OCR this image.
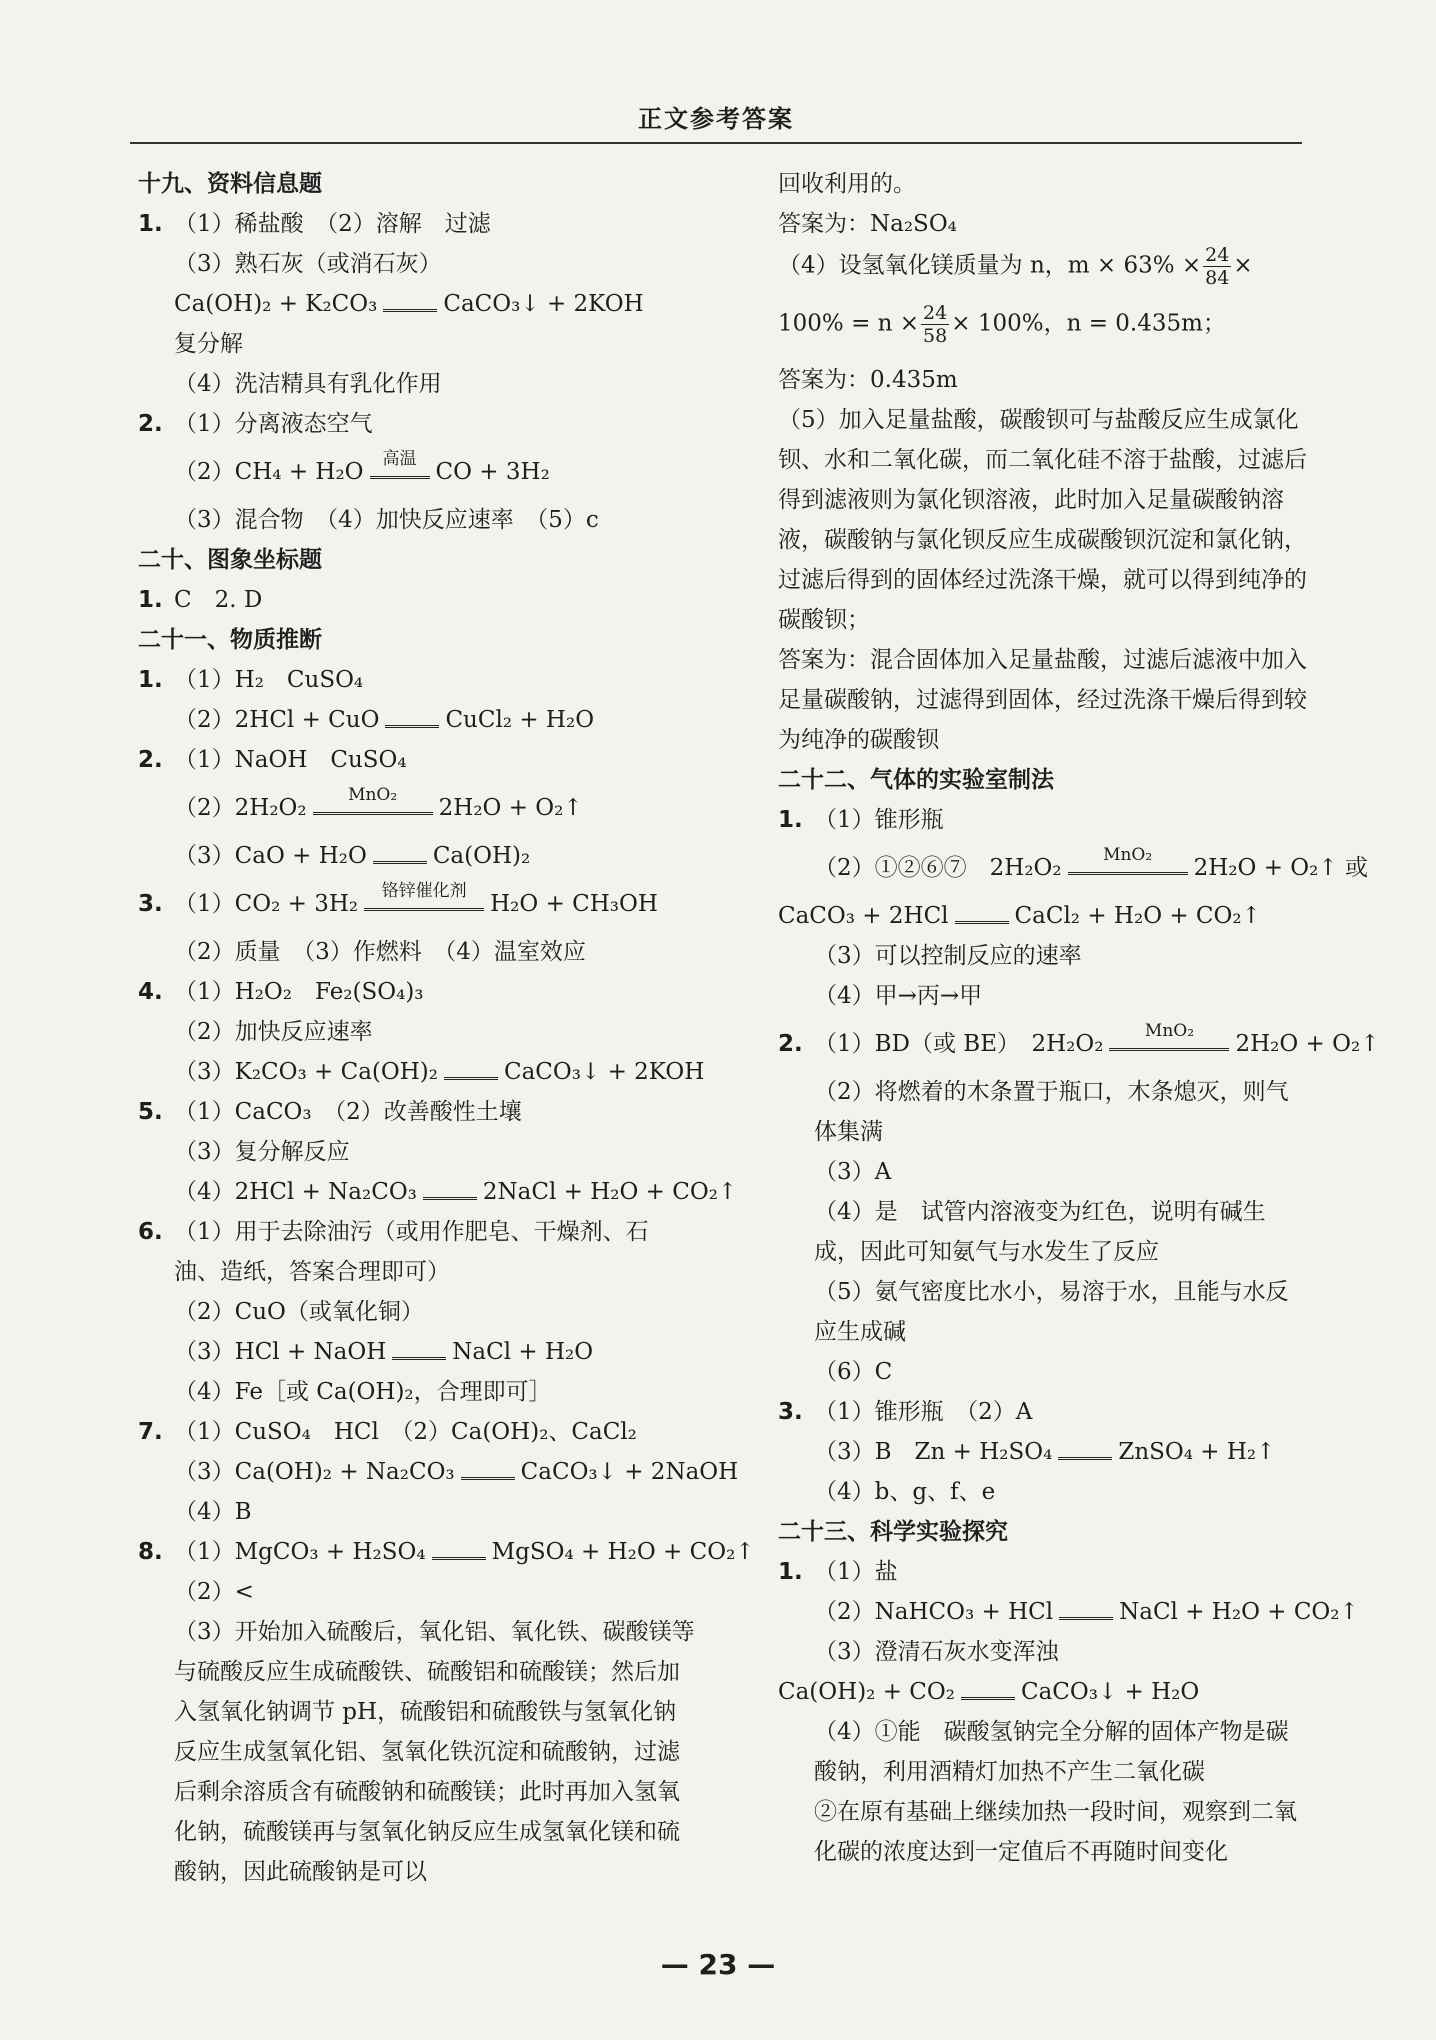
正文参考答案
十九、资料信息题
1. （1）稀盐酸　（2）溶解　过滤
（3）熟石灰（或消石灰）
Ca(OH)₂ + K₂CO₃	CaCO₃↓ + 2KOH
复分解
（4）洗洁精具有乳化作用
2. （1）分离液态空气
（2）CH₄ + H₂O	高温 CO + 3H₂
（3）混合物　（4）加快反应速率　（5）c
二十、图象坐标题
1. C　2. D
二十一、物质推断
1. （1）H₂　CuSO₄
（2）2HCl + CuO	CuCl₂ + H₂O
2. （1）NaOH　CuSO₄
（2）2H₂O₂	MnO₂	2H₂O + O₂↑
（3）CaO + H₂O	Ca(OH)₂
3. （1）CO₂ + 3H₂	铬锌催化剂	H₂O + CH₃OH
（2）质量　（3）作燃料　（4）温室效应
4. （1）H₂O₂　Fe₂(SO₄)₃
（2）加快反应速率
（3）K₂CO₃ + Ca(OH)₂	CaCO₃↓ + 2KOH
5. （1）CaCO₃　（2）改善酸性土壤
（3）复分解反应
（4）2HCl + Na₂CO₃	2NaCl + H₂O + CO₂↑
6. （1）用于去除油污（或用作肥皂、干燥剂、石
油、造纸，答案合理即可）
（2）CuO（或氧化铜）
（3）HCl + NaOH	NaCl + H₂O
（4）Fe［或 Ca(OH)₂，合理即可］
7. （1）CuSO₄　HCl　（2）Ca(OH)₂、CaCl₂
（3）Ca(OH)₂ + Na₂CO₃	CaCO₃↓ + 2NaOH
（4）B
8. （1）MgCO₃ + H₂SO₄	MgSO₄ + H₂O + CO₂↑
（2）<
（3）开始加入硫酸后，氧化铝、氧化铁、碳酸镁等与硫酸反应生成硫酸铁、硫酸铝和硫酸镁；然后加入氢氧化钠调节 pH，硫酸铝和硫酸铁与氢氧化钠反应生成氢氧化铝、氢氧化铁沉淀和硫酸钠，过滤后剩余溶质含有硫酸钠和硫酸镁；此时再加入氢氧化钠，硫酸镁再与氢氧化钠反应生成氢氧化镁和硫酸钠，因此硫酸钠是可以
回收利用的。
答案为：Na₂SO₄
（4）设氢氧化镁质量为 n，$m \times 63\% \times \frac{24}{84}$ ×
$100\% = n \times \frac{24}{58} \times 100\%$，n = 0.435m；
答案为：0.435m
（5）加入足量盐酸，碳酸钡可与盐酸反应生成氯化钡、水和二氧化碳，而二氧化硅不溶于盐酸，过滤后得到滤液则为氯化钡溶液，此时加入足量碳酸钠溶液，碳酸钠与氯化钡反应生成碳酸钡沉淀和氯化钠，过滤后得到的固体经过洗涤干燥，就可以得到纯净的碳酸钡；
答案为：混合固体加入足量盐酸，过滤后滤液中加入足量碳酸钠，过滤得到固体，经过洗涤干燥后得到较为纯净的碳酸钡
二十二、气体的实验室制法
1. （1）锥形瓶
（2）①②⑥⑦　2H₂O₂	MnO₂	2H₂O + O₂↑ 或
CaCO₃ + 2HCl	CaCl₂ + H₂O + CO₂↑
（3）可以控制反应的速率
（4）甲→丙→甲
2. （1）BD（或 BE）　2H₂O₂	MnO₂	2H₂O + O₂↑
（2）将燃着的木条置于瓶口，木条熄灭，则气体集满
（3）A
（4）是　试管内溶液变为红色，说明有碱生成，因此可知氨气与水发生了反应
（5）氨气密度比水小，易溶于水，且能与水反应生成碱
（6）C
3. （1）锥形瓶　（2）A
（3）B　Zn + H₂SO₄	ZnSO₄ + H₂↑
（4）b、g、f、e
二十三、科学实验探究
1. （1）盐
（2）NaHCO₃ + HCl	NaCl + H₂O + CO₂↑
（3）澄清石灰水变浑浊
Ca(OH)₂ + CO₂	CaCO₃↓ + H₂O
（4）①能　碳酸氢钠完全分解的固体产物是碳酸钠，利用酒精灯加热不产生二氧化碳
②在原有基础上继续加热一段时间，观察到二氧化碳的浓度达到一定值后不再随时间变化
— 23 —
